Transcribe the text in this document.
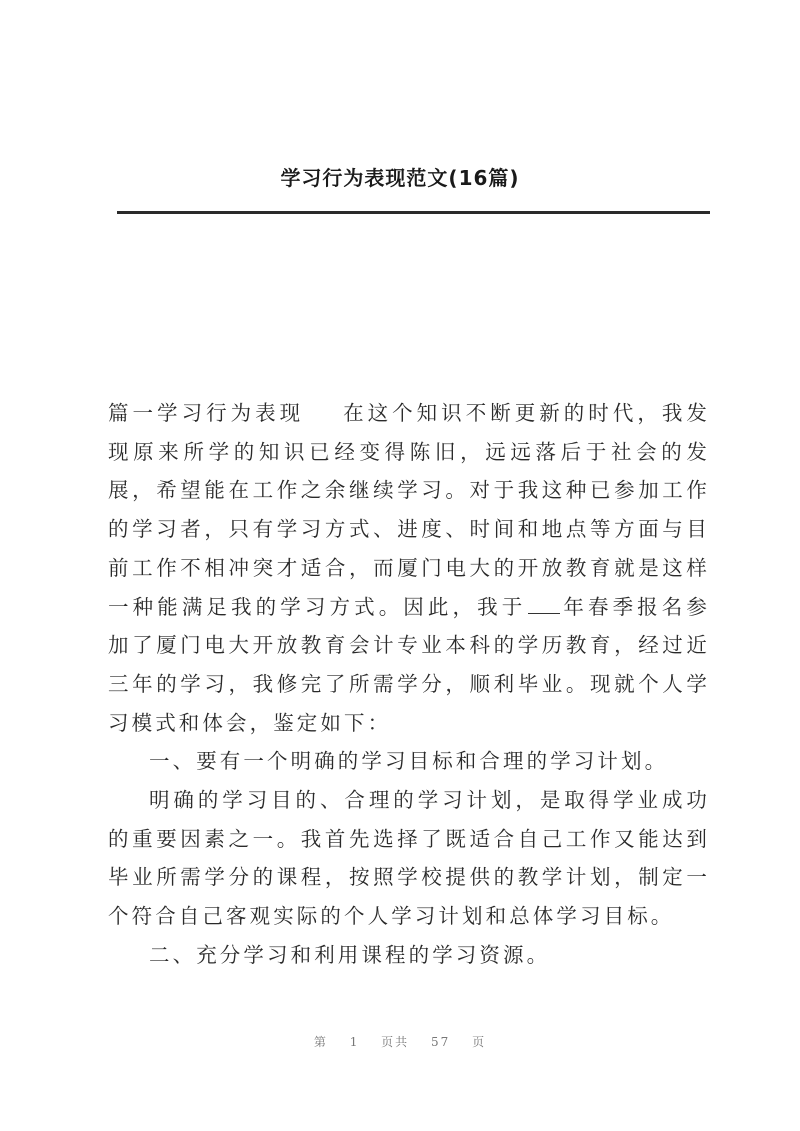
学习行为表现范文(16篇)

篇一学习行为表现 在这个知识不断更新的时代，我发现原来所学的知识已经变得陈旧，远远落后于社会的发展，希望能在工作之余继续学习。对于我这种已参加工作的学习者，只有学习方式、进度、时间和地点等方面与目前工作不相冲突才适合，而厦门电大的开放教育就是这样一种能满足我的学习方式。因此，我于 年春季报名参加了厦门电大开放教育会计专业本科的学历教育，经过近三年的学习，我修完了所需学分，顺利毕业。现就个人学习模式和体会，鉴定如下：

一、要有一个明确的学习目标和合理的学习计划。

明确的学习目的、合理的学习计划，是取得学业成功的重要因素之一。我首先选择了既适合自己工作又能达到毕业所需学分的课程，按照学校提供的教学计划，制定一个符合自己客观实际的个人学习计划和总体学习目标。

二、充分学习和利用课程的学习资源。

第 1 页共 57 页
